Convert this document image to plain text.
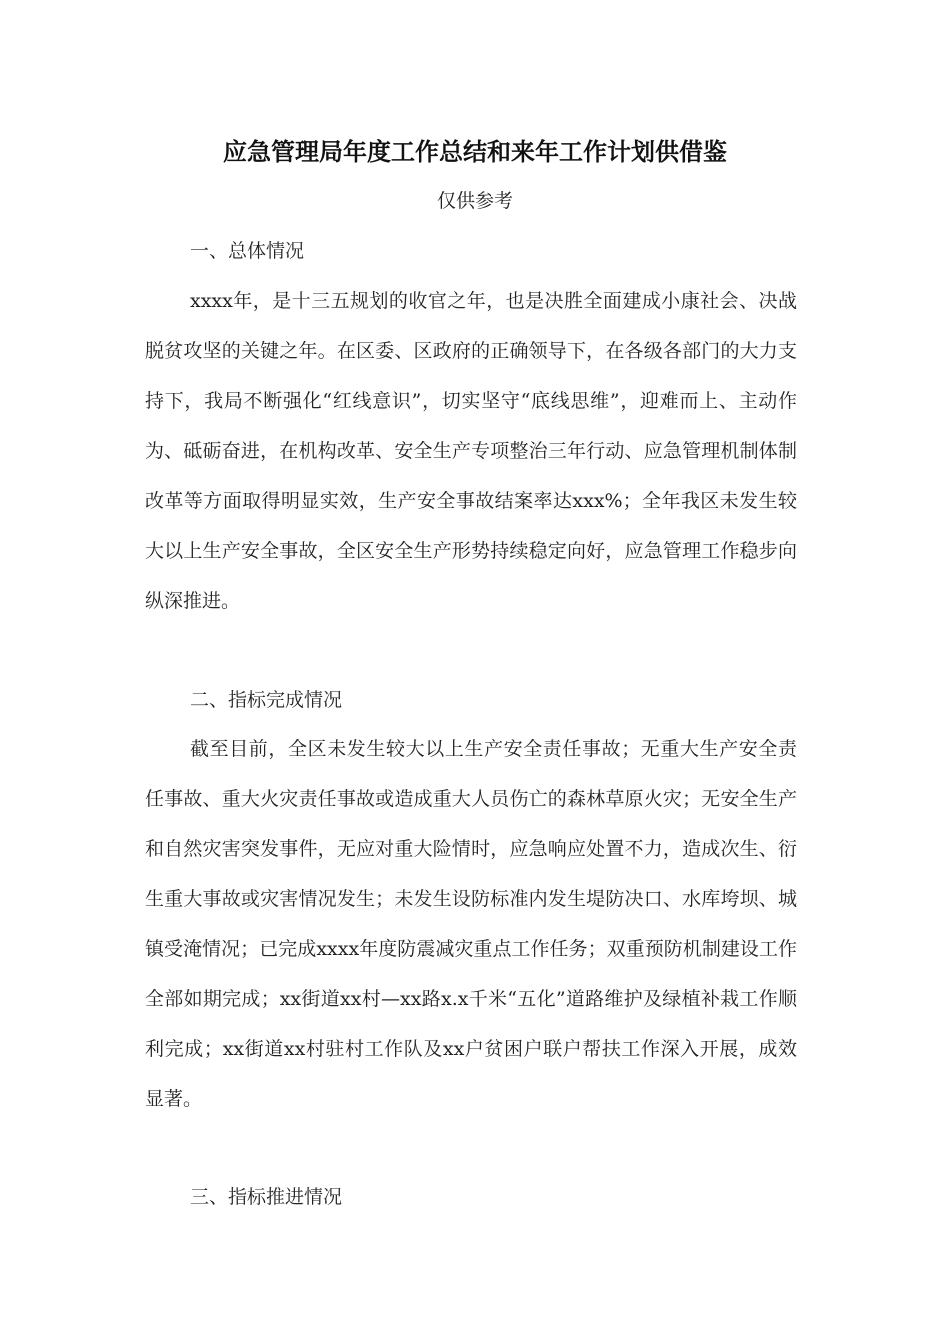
应急管理局年度工作总结和来年工作计划供借鉴
仅供参考
一、总体情况
xxxx年，是十三五规划的收官之年，也是决胜全面建成小康社会、决战脱贫攻坚的关键之年。在区委、区政府的正确领导下，在各级各部门的大力支持下，我局不断强化“红线意识”，切实坚守“底线思维”，迎难而上、主动作为、砥砺奋进，在机构改革、安全生产专项整治三年行动、应急管理机制体制改革等方面取得明显实效，生产安全事故结案率达xxx%；全年我区未发生较大以上生产安全事故，全区安全生产形势持续稳定向好，应急管理工作稳步向纵深推进。
二、指标完成情况
截至目前，全区未发生较大以上生产安全责任事故；无重大生产安全责任事故、重大火灾责任事故或造成重大人员伤亡的森林草原火灾；无安全生产和自然灾害突发事件，无应对重大险情时，应急响应处置不力，造成次生、衍生重大事故或灾害情况发生；未发生设防标准内发生堤防决口、水库垮坝、城镇受淹情况；已完成xxxx年度防震减灾重点工作任务；双重预防机制建设工作全部如期完成；xx街道xx村—xx路x.x千米“五化”道路维护及绿植补栽工作顺利完成；xx街道xx村驻村工作队及xx户贫困户联户帮扶工作深入开展，成效显著。
三、指标推进情况
